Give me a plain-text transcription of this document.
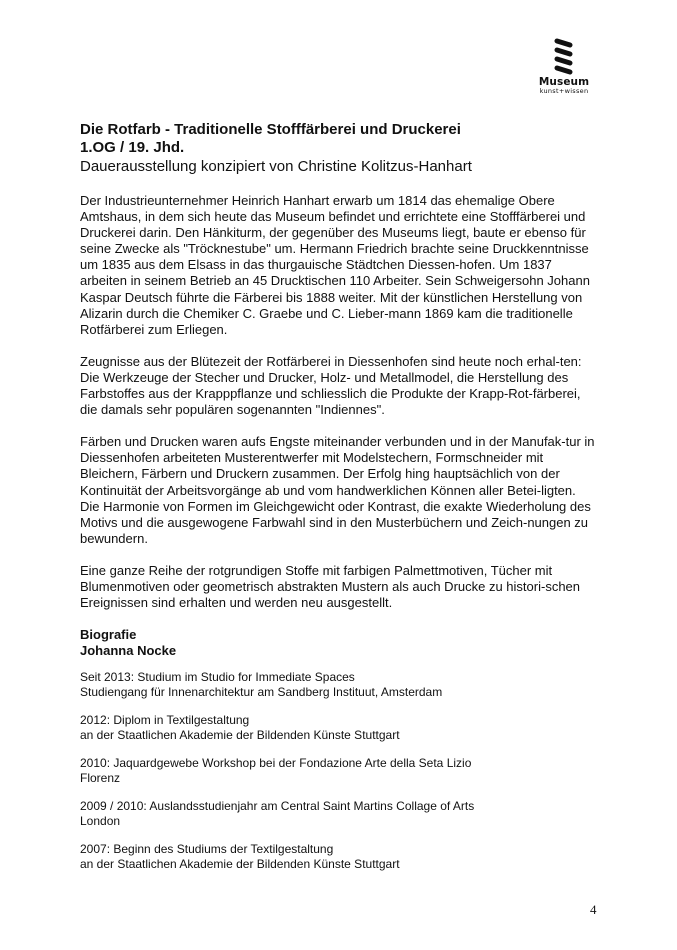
Museum
kunst+wissen
Die Rotfarb - Traditionelle Stofffärberei und Druckerei
1.OG / 19. Jhd.
Dauerausstellung konzipiert von Christine Kolitzus-Hanhart

Der Industrieunternehmer Heinrich Hanhart erwarb um 1814 das ehemalige Obere Amtshaus, in dem sich heute das Museum befindet und errichtete eine Stofffärberei und Druckerei darin. Den Hänkiturm, der gegenüber des Museums liegt, baute er ebenso für seine Zwecke als "Tröcknestube" um. Hermann Friedrich brachte seine Druckkenntnisse um 1835 aus dem Elsass in das thurgauische Städtchen Diessen-hofen. Um 1837 arbeiten in seinem Betrieb an 45 Drucktischen 110 Arbeiter. Sein Schweigersohn Johann Kaspar Deutsch führte die Färberei bis 1888 weiter. Mit der künstlichen Herstellung von Alizarin durch die Chemiker C. Graebe und C. Lieber-mann 1869 kam die traditionelle Rotfärberei zum Erliegen.

Zeugnisse aus der Blütezeit der Rotfärberei in Diessenhofen sind heute noch erhal-ten: Die Werkzeuge der Stecher und Drucker, Holz- und Metallmodel, die Herstellung des Farbstoffes aus der Krapppflanze und schliesslich die Produkte der Krapp-Rot-färberei, die damals sehr populären sogenannten "Indiennes".

Färben und Drucken waren aufs Engste miteinander verbunden und in der Manufak-tur in Diessenhofen arbeiteten Musterentwerfer mit Modelstechern, Formschneider mit Bleichern, Färbern und Druckern zusammen. Der Erfolg hing hauptsächlich von der Kontinuität der Arbeitsvorgänge ab und vom handwerklichen Können aller Betei-ligten.

Die Harmonie von Formen im Gleichgewicht oder Kontrast, die exakte Wiederholung des Motivs und die ausgewogene Farbwahl sind in den Musterbüchern und Zeich-nungen zu bewundern.

Eine ganze Reihe der rotgrundigen Stoffe mit farbigen Palmettmotiven, Tücher mit Blumenmotiven oder geometrisch abstrakten Mustern als auch Drucke zu histori-schen Ereignissen sind erhalten und werden neu ausgestellt.

Biografie
Johanna Nocke
Seit 2013: Studium im Studio for Immediate Spaces
Studiengang für Innenarchitektur am Sandberg Instituut, Amsterdam
2012: Diplom in Textilgestaltung
an der Staatlichen Akademie der Bildenden Künste Stuttgart
2010: Jaquardgewebe Workshop bei der Fondazione Arte della Seta Lizio
Florenz
2009 / 2010: Auslandsstudienjahr am Central Saint Martins Collage of Arts
London
2007: Beginn des Studiums der Textilgestaltung
an der Staatlichen Akademie der Bildenden Künste Stuttgart
4
